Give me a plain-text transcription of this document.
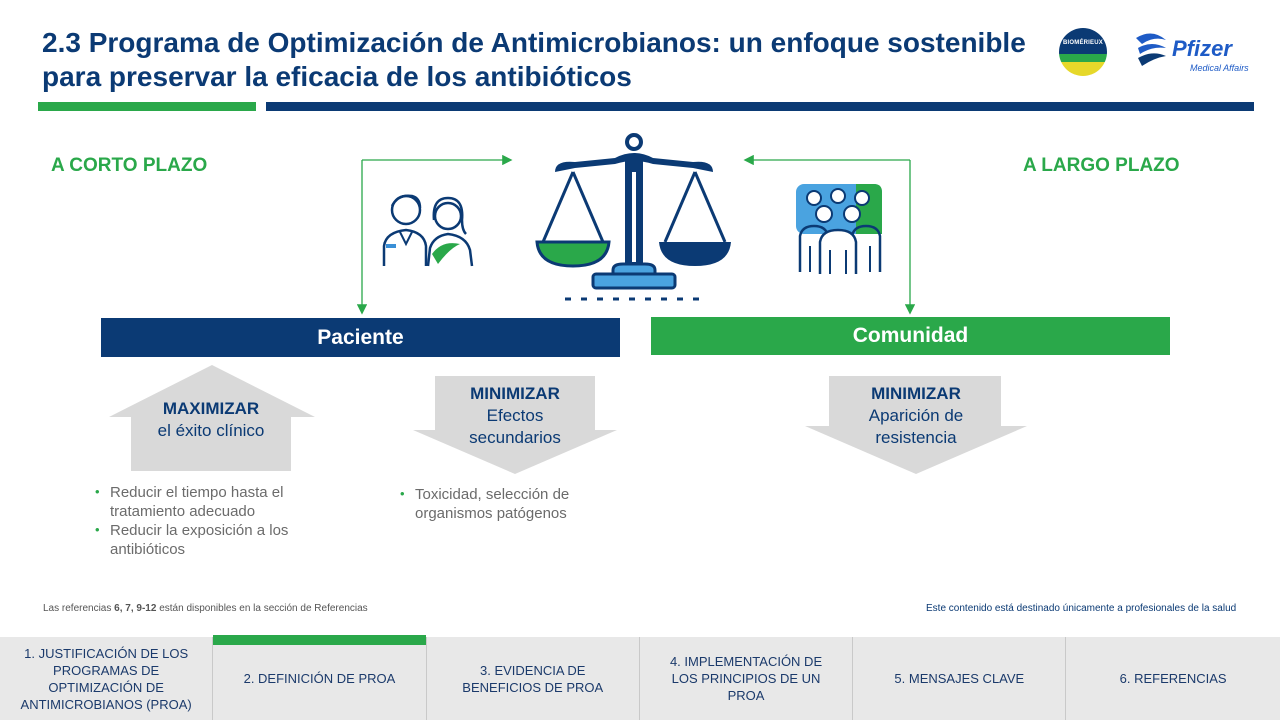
2.3 Programa de Optimización de Antimicrobianos: un enfoque sostenible para preservar la eficacia de los antibióticos
BIOMÉRIEUX	Pfizer
Medical Affairs
A CORTO PLAZO	A LARGO PLAZO
Paciente	Comunidad
MAXIMIZAR
el éxito clínico
MINIMIZAR
Efectos secundarios
MINIMIZAR
Aparición de resistencia
• Reducir el tiempo hasta el tratamiento adecuado
• Reducir la exposición a los antibióticos
• Toxicidad, selección de organismos patógenos
Las referencias 6, 7, 9-12 están disponibles en la sección de Referencias	Este contenido está destinado únicamente a profesionales de la salud
1. JUSTIFICACIÓN DE LOS PROGRAMAS DE OPTIMIZACIÓN DE ANTIMICROBIANOS (PROA)
2. DEFINICIÓN DE PROA
3. EVIDENCIA DE BENEFICIOS DE PROA
4. IMPLEMENTACIÓN DE LOS PRINCIPIOS DE UN PROA
5. MENSAJES CLAVE	6. REFERENCIAS
